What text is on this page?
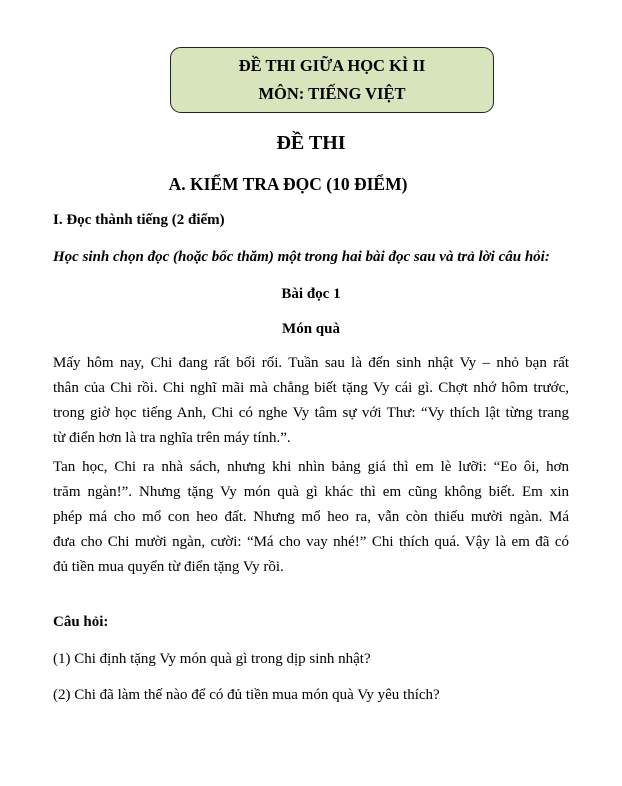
ĐỀ THI GIỮA HỌC KÌ II
MÔN: TIẾNG VIỆT
ĐỀ THI
A. KIỂM TRA ĐỌC (10 ĐIỂM)
I. Đọc thành tiếng (2 điểm)
Học sinh chọn đọc (hoặc bốc thăm) một trong hai bài đọc sau và trả lời câu hỏi:
Bài đọc 1
Món quà
Mấy hôm nay, Chi đang rất bối rối. Tuần sau là đến sinh nhật Vy – nhỏ bạn rất
thân của Chi rồi. Chi nghĩ mãi mà chẳng biết tặng Vy cái gì. Chợt nhớ hôm trước,
trong giờ học tiếng Anh, Chi có nghe Vy tâm sự với Thư: “Vy thích lật từng trang
từ điển hơn là tra nghĩa trên máy tính.”.
Tan học, Chi ra nhà sách, nhưng khi nhìn bảng giá thì em lè lưỡi: “Eo ôi, hơn
trăm ngàn!”. Nhưng tặng Vy món quà gì khác thì em cũng không biết. Em xin
phép má cho mổ con heo đất. Nhưng mổ heo ra, vẫn còn thiếu mười ngàn. Má
đưa cho Chi mười ngàn, cười: “Má cho vay nhé!” Chi thích quá. Vậy là em đã có
đủ tiền mua quyển từ điển tặng Vy rồi.
Câu hỏi:
(1) Chi định tặng Vy món quà gì trong dịp sinh nhật?
(2) Chi đã làm thế nào để có đủ tiền mua món quà Vy yêu thích?
